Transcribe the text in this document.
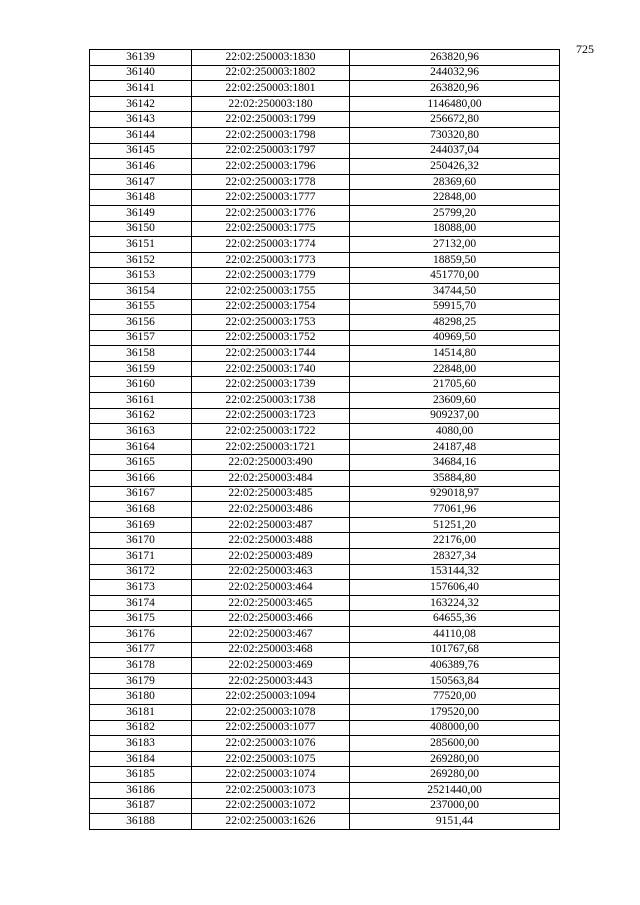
725
36139	22:02:250003:1830	263820,96
36140	22:02:250003:1802	244032,96
36141	22:02:250003:1801	263820,96
36142	22:02:250003:180	1146480,00
36143	22:02:250003:1799	256672,80
36144	22:02:250003:1798	730320,80
36145	22:02:250003:1797	244037,04
36146	22:02:250003:1796	250426,32
36147	22:02:250003:1778	28369,60
36148	22:02:250003:1777	22848,00
36149	22:02:250003:1776	25799,20
36150	22:02:250003:1775	18088,00
36151	22:02:250003:1774	27132,00
36152	22:02:250003:1773	18859,50
36153	22:02:250003:1779	451770,00
36154	22:02:250003:1755	34744,50
36155	22:02:250003:1754	59915,70
36156	22:02:250003:1753	48298,25
36157	22:02:250003:1752	40969,50
36158	22:02:250003:1744	14514,80
36159	22:02:250003:1740	22848,00
36160	22:02:250003:1739	21705,60
36161	22:02:250003:1738	23609,60
36162	22:02:250003:1723	909237,00
36163	22:02:250003:1722	4080,00
36164	22:02:250003:1721	24187,48
36165	22:02:250003:490	34684,16
36166	22:02:250003:484	35884,80
36167	22:02:250003:485	929018,97
36168	22:02:250003:486	77061,96
36169	22:02:250003:487	51251,20
36170	22:02:250003:488	22176,00
36171	22:02:250003:489	28327,34
36172	22:02:250003:463	153144,32
36173	22:02:250003:464	157606,40
36174	22:02:250003:465	163224,32
36175	22:02:250003:466	64655,36
36176	22:02:250003:467	44110,08
36177	22:02:250003:468	101767,68
36178	22:02:250003:469	406389,76
36179	22:02:250003:443	150563,84
36180	22:02:250003:1094	77520,00
36181	22:02:250003:1078	179520,00
36182	22:02:250003:1077	408000,00
36183	22:02:250003:1076	285600,00
36184	22:02:250003:1075	269280,00
36185	22:02:250003:1074	269280,00
36186	22:02:250003:1073	2521440,00
36187	22:02:250003:1072	237000,00
36188	22:02:250003:1626	9151,44
